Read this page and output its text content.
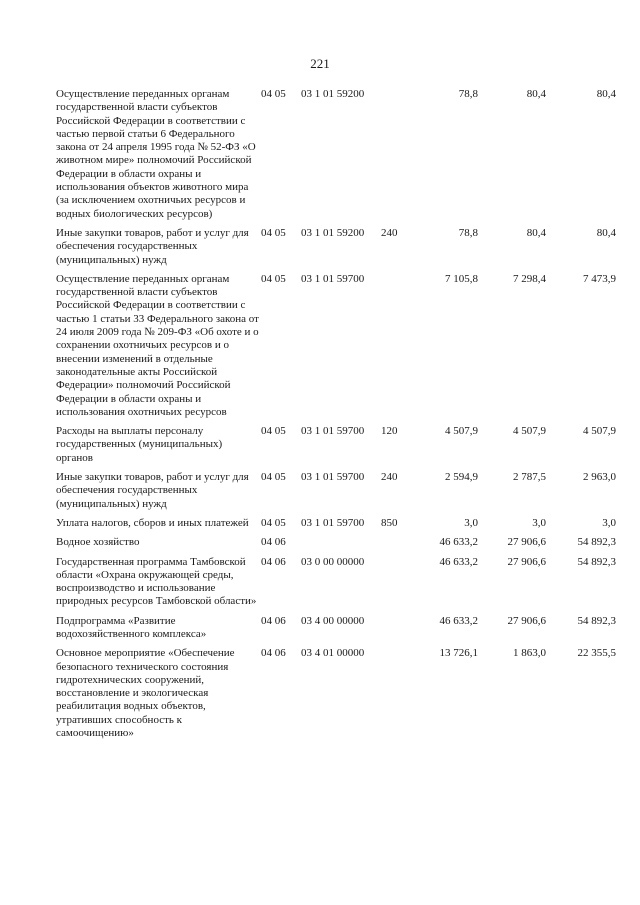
221
Осуществление переданных органам государственной власти субъектов Российской Федерации в соответствии с частью первой статьи 6 Федерального закона от 24 апреля 1995 года № 52-ФЗ «О животном мире» полномочий Российской Федерации в области охраны и использования объектов животного мира (за исключением охотничьих ресурсов и водных биологических ресурсов)	04 05	03 1 01 59200		78,8	80,4	80,4
Иные закупки товаров, работ и услуг для обеспечения государственных (муниципальных) нужд	04 05	03 1 01 59200	240	78,8	80,4	80,4
Осуществление переданных органам государственной власти субъектов Российской Федерации в соответствии с частью 1 статьи 33 Федерального закона от 24 июля 2009 года № 209-ФЗ «Об охоте и о сохранении охотничьих ресурсов и о внесении изменений в отдельные законодательные акты Российской Федерации» полномочий Российской Федерации в области охраны и использования охотничьих ресурсов	04 05	03 1 01 59700		7 105,8	7 298,4	7 473,9
Расходы на выплаты персоналу государственных (муниципальных) органов	04 05	03 1 01 59700	120	4 507,9	4 507,9	4 507,9
Иные закупки товаров, работ и услуг для обеспечения государственных (муниципальных) нужд	04 05	03 1 01 59700	240	2 594,9	2 787,5	2 963,0
Уплата налогов, сборов и иных платежей	04 05	03 1 01 59700	850	3,0	3,0	3,0
Водное хозяйство	04 06			46 633,2	27 906,6	54 892,3
Государственная программа Тамбовской области «Охрана окружающей среды, воспроизводство и использование природных ресурсов Тамбовской области»	04 06	03 0 00 00000		46 633,2	27 906,6	54 892,3
Подпрограмма «Развитие водохозяйственного комплекса»	04 06	03 4 00 00000		46 633,2	27 906,6	54 892,3
Основное мероприятие «Обеспечение безопасного технического состояния гидротехнических сооружений, восстановление и экологическая реабилитация водных объектов, утративших способность к самоочищению»	04 06	03 4 01 00000		13 726,1	1 863,0	22 355,5
